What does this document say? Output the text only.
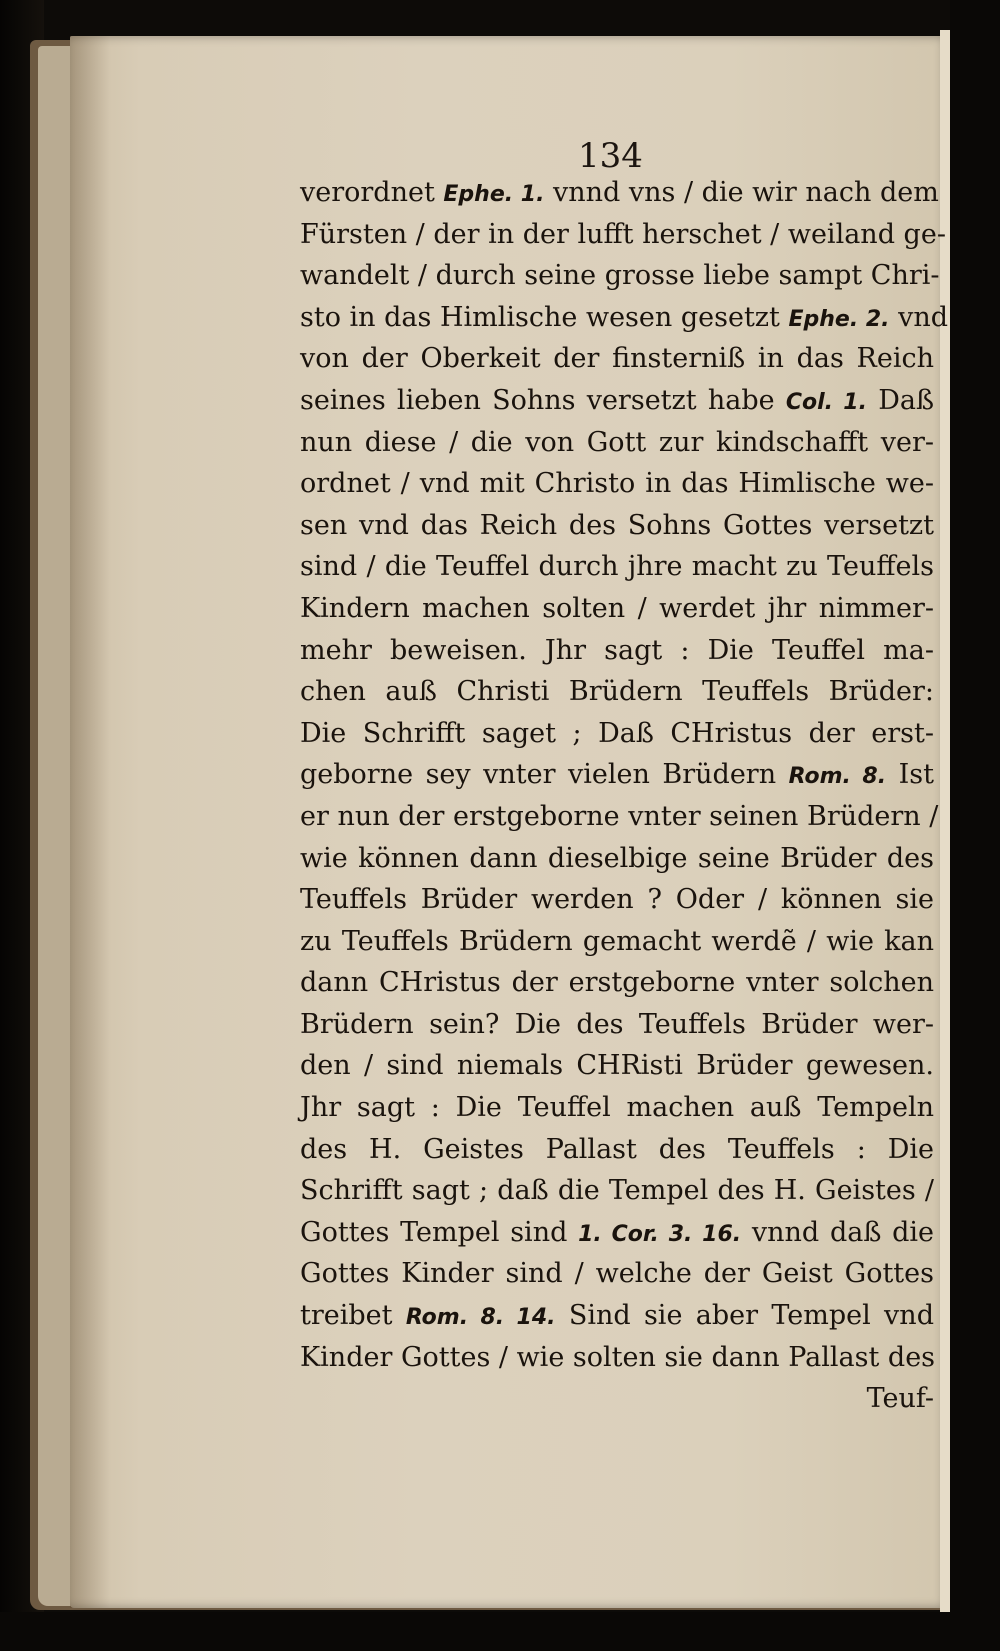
134
verordnet Ephe. 1. vnnd vns / die wir nach dem
Fürsten / der in der lufft herschet / weiland ge-
wandelt / durch seine grosse liebe sampt Chri-
sto in das Himlische wesen gesetzt Ephe. 2. vnd
von der Oberkeit der finsterniß in das Reich
seines lieben Sohns versetzt habe Col. 1. Daß
nun diese / die von Gott zur kindschafft ver-
ordnet / vnd mit Christo in das Himlische we-
sen vnd das Reich des Sohns Gottes versetzt
sind / die Teuffel durch jhre macht zu Teuffels
Kindern machen solten / werdet jhr nimmer-
mehr beweisen. Jhr sagt : Die Teuffel ma-
chen auß Christi Brüdern Teuffels Brüder:
Die Schrifft saget ; Daß CHristus der erst-
geborne sey vnter vielen Brüdern Rom. 8. Ist
er nun der erstgeborne vnter seinen Brüdern /
wie können dann dieselbige seine Brüder des
Teuffels Brüder werden ? Oder / können sie
zu Teuffels Brüdern gemacht werdẽ / wie kan
dann CHristus der erstgeborne vnter solchen
Brüdern sein? Die des Teuffels Brüder wer-
den / sind niemals CHRisti Brüder gewesen.
Jhr sagt : Die Teuffel machen auß Tempeln
des H. Geistes Pallast des Teuffels : Die
Schrifft sagt ; daß die Tempel des H. Geistes /
Gottes Tempel sind 1. Cor. 3. 16. vnnd daß die
Gottes Kinder sind / welche der Geist Gottes
treibet Rom. 8. 14. Sind sie aber Tempel vnd
Kinder Gottes / wie solten sie dann Pallast des
Teuf-
